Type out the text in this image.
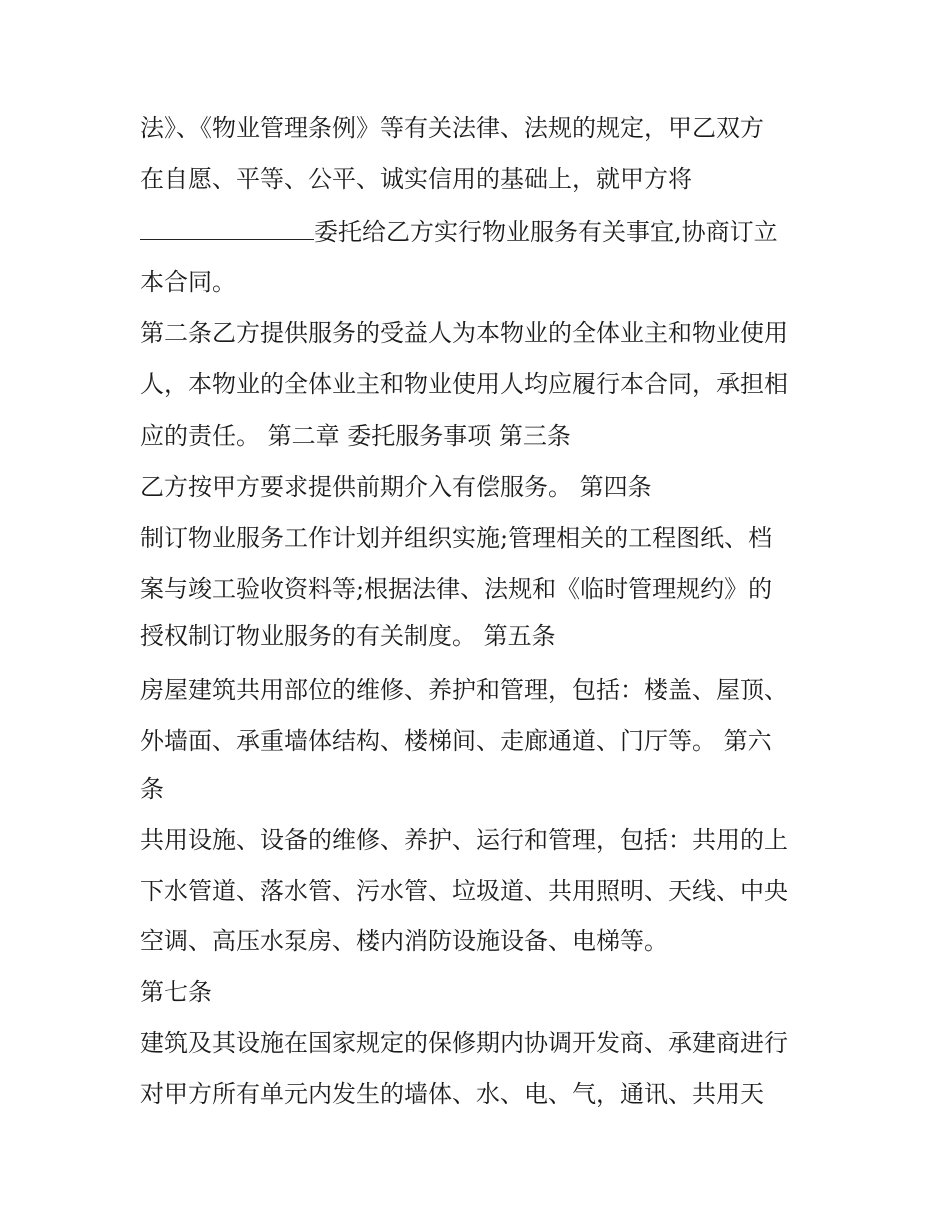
法》、《物业管理条例》等有关法律、法规的规定，甲乙双方
在自愿、平等、公平、诚实信用的基础上，就甲方将
委托给乙方实行物业服务有关事宜,协商订立
本合同。
第二条乙方提供服务的受益人为本物业的全体业主和物业使用
人，本物业的全体业主和物业使用人均应履行本合同，承担相
应的责任。 第二章 委托服务事项 第三条
乙方按甲方要求提供前期介入有偿服务。 第四条
制订物业服务工作计划并组织实施;管理相关的工程图纸、档
案与竣工验收资料等;根据法律、法规和《临时管理规约》的
授权制订物业服务的有关制度。 第五条
房屋建筑共用部位的维修、养护和管理，包括：楼盖、屋顶、
外墙面、承重墙体结构、楼梯间、走廊通道、门厅等。 第六
条
共用设施、设备的维修、养护、运行和管理，包括：共用的上
下水管道、落水管、污水管、垃圾道、共用照明、天线、中央
空调、高压水泵房、楼内消防设施设备、电梯等。
第七条
建筑及其设施在国家规定的保修期内协调开发商、承建商进行
对甲方所有单元内发生的墙体、水、电、气，通讯、共用天
